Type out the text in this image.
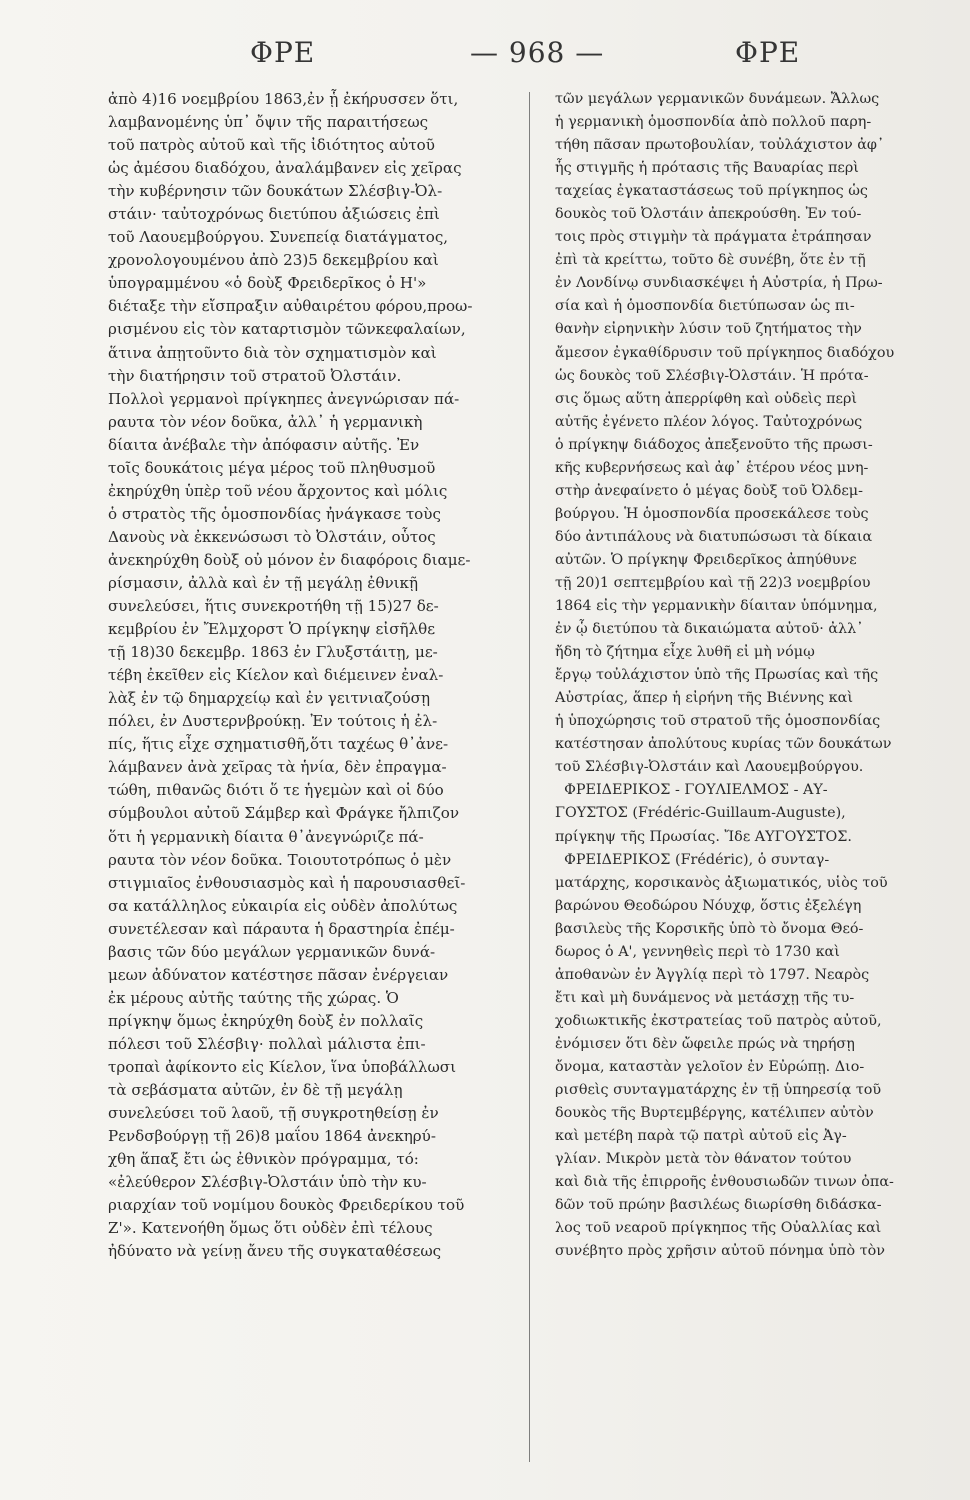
ΦΡΕ	— 968 —	ΦΡΕ
ἀπὸ 4)16 νοεμβρίου 1863,ἐν ᾗ ἐκήρυσσεν ὅτι,
λαμβανομένης ὑπ᾽ ὄψιν τῆς παραιτήσεως
τοῦ πατρὸς αὐτοῦ καὶ τῆς ἰδιότητος αὐτοῦ
ὡς ἀμέσου διαδόχου, ἀναλάμβανεν εἰς χεῖρας
τὴν κυβέρνησιν τῶν δουκάτων Σλέσβιγ-Ὀλ-
στάιν· ταὐτοχρόνως διετύπου ἀξιώσεις ἐπὶ
τοῦ Λαουεμβούργου. Συνεπείᾳ διατάγματος,
χρονολογουμένου ἀπὸ 23)5 δεκεμβρίου καὶ
ὑπογραμμένου «ὁ δοὺξ Φρειδερῖκος ὁ Η'»
διέταξε τὴν εἴσπραξιν αὐθαιρέτου φόρου,προω-
ρισμένου εἰς τὸν καταρτισμὸν τῶνκεφαλαίων,
ἅτινα ἀπῃτοῦντο διὰ τὸν σχηματισμὸν καὶ
τὴν διατήρησιν τοῦ στρατοῦ Ὀλστάιν.
Πολλοὶ γερμανοὶ πρίγκηπες ἀνεγνώρισαν πά-
ραυτα τὸν νέον δοῦκα, ἀλλ᾽ ἡ γερμανικὴ
δίαιτα ἀνέβαλε τὴν ἀπόφασιν αὐτῆς. Ἐν
τοῖς δουκάτοις μέγα μέρος τοῦ πληθυσμοῦ
ἐκηρύχθη ὑπὲρ τοῦ νέου ἄρχοντος καὶ μόλις
ὁ στρατὸς τῆς ὁμοσπονδίας ἠνάγκασε τοὺς
Δανοὺς νὰ ἐκκενώσωσι τὸ Ὀλστάιν, οὗτος
ἀνεκηρύχθη δοὺξ οὐ μόνον ἐν διαφόροις διαμε-
ρίσμασιν, ἀλλὰ καὶ ἐν τῇ μεγάλῃ ἐθνικῇ
συνελεύσει, ἥτις συνεκροτήθη τῇ 15)27 δε-
κεμβρίου ἐν Ἔλμχορστ Ὁ πρίγκηψ εἰσῆλθε
τῇ 18)30 δεκεμβρ. 1863 ἐν Γλυξστάιτῃ, με-
τέβη ἐκεῖθεν εἰς Κίελον καὶ διέμεινεν ἐναλ-
λὰξ ἐν τῷ δημαρχείῳ καὶ ἐν γειτνιαζούσῃ
πόλει, ἐν Δυστερνβρούκῃ. Ἐν τούτοις ἡ ἐλ-
πίς, ἥτις εἶχε σχηματισθῆ,ὅτι ταχέως θ᾽ἀνε-
λάμβανεν ἀνὰ χεῖρας τὰ ἡνία, δὲν ἐπραγμα-
τώθη, πιθανῶς διότι ὅ τε ἡγεμὼν καὶ οἱ δύο
σύμβουλοι αὐτοῦ Σάμβερ καὶ Φράγκε ἤλπιζον
ὅτι ἡ γερμανικὴ δίαιτα θ᾽ἀνεγνώριζε πά-
ραυτα τὸν νέον δοῦκα. Τοιουτοτρόπως ὁ μὲν
στιγμιαῖος ἐνθουσιασμὸς καὶ ἡ παρουσιασθεῖ-
σα κατάλληλος εὐκαιρία εἰς οὐδὲν ἀπολύτως
συνετέλεσαν καὶ πάραυτα ἡ δραστηρία ἐπέμ-
βασις τῶν δύο μεγάλων γερμανικῶν δυνά-
μεων ἀδύνατον κατέστησε πᾶσαν ἐνέργειαν
ἐκ μέρους αὐτῆς ταύτης τῆς χώρας. Ὁ
πρίγκηψ ὅμως ἐκηρύχθη δοὺξ ἐν πολλαῖς
πόλεσι τοῦ Σλέσβιγ· πολλαὶ μάλιστα ἐπι-
τροπαὶ ἀφίκοντο εἰς Κίελον, ἵνα ὑποβάλλωσι
τὰ σεβάσματα αὐτῶν, ἐν δὲ τῇ μεγάλῃ
συνελεύσει τοῦ λαοῦ, τῇ συγκροτηθείσῃ ἐν
Ρενδσβούργῃ τῇ 26)8 μαΐου 1864 ἀνεκηρύ-
χθη ἅπαξ ἔτι ὡς ἐθνικὸν πρόγραμμα, τό:
«ἐλεύθερον Σλέσβιγ-Ὀλστάιν ὑπὸ τὴν κυ-
ριαρχίαν τοῦ νομίμου δουκὸς Φρειδερίκου τοῦ
Ζ'». Κατενοήθη ὅμως ὅτι οὐδὲν ἐπὶ τέλους
ἠδύνατο νὰ γείνῃ ἄνευ τῆς συγκαταθέσεως
τῶν μεγάλων γερμανικῶν δυνάμεων. Ἄλλως
ἡ γερμανικὴ ὁμοσπονδία ἀπὸ πολλοῦ παρη-
τήθη πᾶσαν πρωτοβουλίαν, τοὐλάχιστον ἀφ᾽
ἧς στιγμῆς ἡ πρότασις τῆς Βαυαρίας περὶ
ταχείας ἐγκαταστάσεως τοῦ πρίγκηπος ὡς
δουκὸς τοῦ Ὀλστάιν ἀπεκρούσθη. Ἐν τού-
τοις πρὸς στιγμὴν τὰ πράγματα ἐτράπησαν
ἐπὶ τὰ κρείττω, τοῦτο δὲ συνέβη, ὅτε ἐν τῇ
ἐν Λονδίνῳ συνδιασκέψει ἡ Αὐστρία, ἡ Πρω-
σία καὶ ἡ ὁμοσπονδία διετύπωσαν ὡς πι-
θανὴν εἰρηνικὴν λύσιν τοῦ ζητήματος τὴν
ἄμεσον ἐγκαθίδρυσιν τοῦ πρίγκηπος διαδόχου
ὡς δουκὸς τοῦ Σλέσβιγ-Ὀλστάιν. Ἡ πρότα-
σις ὅμως αὕτη ἀπερρίφθη καὶ οὐδεὶς περὶ
αὐτῆς ἐγένετο πλέον λόγος. Ταὐτοχρόνως
ὁ πρίγκηψ διάδοχος ἀπεξενοῦτο τῆς πρωσι-
κῆς κυβερνήσεως καὶ ἀφ᾽ ἑτέρου νέος μνη-
στὴρ ἀνεφαίνετο ὁ μέγας δοὺξ τοῦ Ὀλδεμ-
βούργου. Ἡ ὁμοσπονδία προσεκάλεσε τοὺς
δύο ἀντιπάλους νὰ διατυπώσωσι τὰ δίκαια
αὐτῶν. Ὁ πρίγκηψ Φρειδερῖκος ἀπηύθυνε
τῇ 20)1 σεπτεμβρίου καὶ τῇ 22)3 νοεμβρίου
1864 εἰς τὴν γερμανικὴν δίαιταν ὑπόμνημα,
ἐν ᾧ διετύπου τὰ δικαιώματα αὐτοῦ· ἀλλ᾽
ἤδη τὸ ζήτημα εἶχε λυθῆ εἰ μὴ νόμῳ
ἔργῳ τοὐλάχιστον ὑπὸ τῆς Πρωσίας καὶ τῆς
Αὐστρίας, ἅπερ ἡ εἰρήνη τῆς Βιέννης καὶ
ἡ ὑποχώρησις τοῦ στρατοῦ τῆς ὁμοσπονδίας
κατέστησαν ἀπολύτους κυρίας τῶν δουκάτων
τοῦ Σλέσβιγ-Ὀλστάιν καὶ Λαουεμβούργου.
ΦΡΕΙΔΕΡΙΚΟΣ - ΓΟΥΛΙΕΛΜΟΣ - ΑΥ-
ΓΟΥΣΤΟΣ (Frédéric-Guillaum-Auguste),
πρίγκηψ τῆς Πρωσίας. Ἴδε ΑΥΓΟΥΣΤΟΣ.
ΦΡΕΙΔΕΡΙΚΟΣ (Frédéric), ὁ συνταγ-
ματάρχης, κορσικανὸς ἀξιωματικός, υἱὸς τοῦ
βαρώνου Θεοδώρου Νόυχφ, ὅστις ἐξελέγη
βασιλεὺς τῆς Κορσικῆς ὑπὸ τὸ ὄνομα Θεό-
δωρος ὁ Α', γεννηθεὶς περὶ τὸ 1730 καὶ
ἀποθανὼν ἐν Ἀγγλίᾳ περὶ τὸ 1797. Νεαρὸς
ἔτι καὶ μὴ δυνάμενος νὰ μετάσχῃ τῆς τυ-
χοδιωκτικῆς ἐκστρατείας τοῦ πατρὸς αὐτοῦ,
ἐνόμισεν ὅτι δὲν ὤφειλε πρώς νὰ τηρήσῃ
ὄνομα, καταστὰν γελοῖον ἐν Εὐρώπῃ. Διο-
ρισθεὶς συνταγματάρχης ἐν τῇ ὑπηρεσίᾳ τοῦ
δουκὸς τῆς Βυρτεμβέργης, κατέλιπεν αὐτὸν
καὶ μετέβη παρὰ τῷ πατρὶ αὐτοῦ εἰς Ἀγ-
γλίαν. Μικρὸν μετὰ τὸν θάνατον τούτου
καὶ διὰ τῆς ἐπιρροῆς ἐνθουσιωδῶν τινων ὀπα-
δῶν τοῦ πρώην βασιλέως διωρίσθη διδάσκα-
λος τοῦ νεαροῦ πρίγκηπος τῆς Οὐαλλίας καὶ
συνέβητο πρὸς χρῆσιν αὐτοῦ πόνημα ὑπὸ τὸν
